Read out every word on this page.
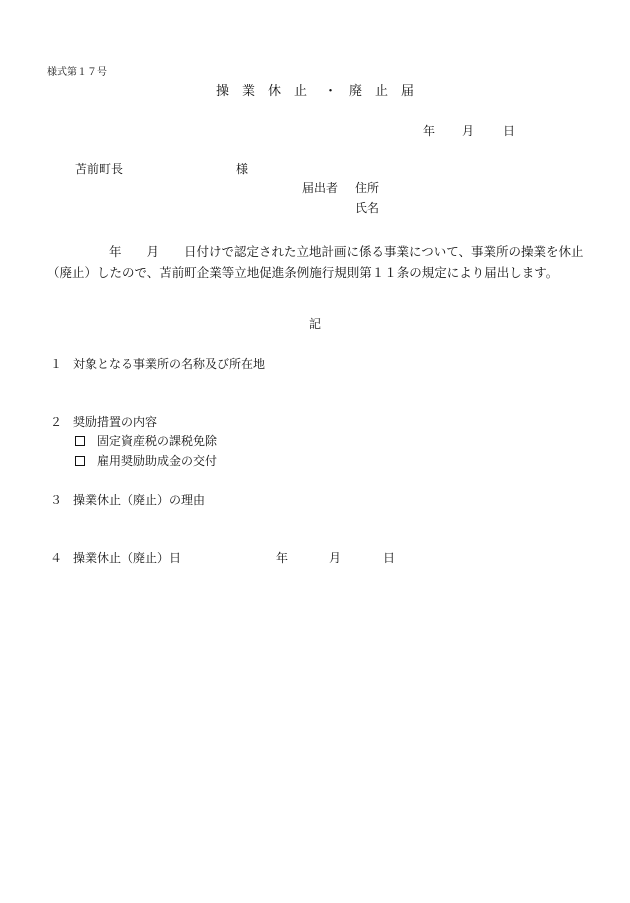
様式第１７号
操　業　休　止 ・ 廃　止　届
年 月 日
苫前町長	様
届出者 住所
氏名
年　　月　　日付けで認定された立地計画に係る事業について、事業所の操業を休止（廃止）したので、苫前町企業等立地促進条例施行規則第１１条の規定により届出します。
記
１ 対象となる事業所の名称及び所在地
２ 奨励措置の内容
固定資産税の課税免除
雇用奨励助成金の交付
３ 操業休止（廃止）の理由
４ 操業休止（廃止）日	年	月	日
